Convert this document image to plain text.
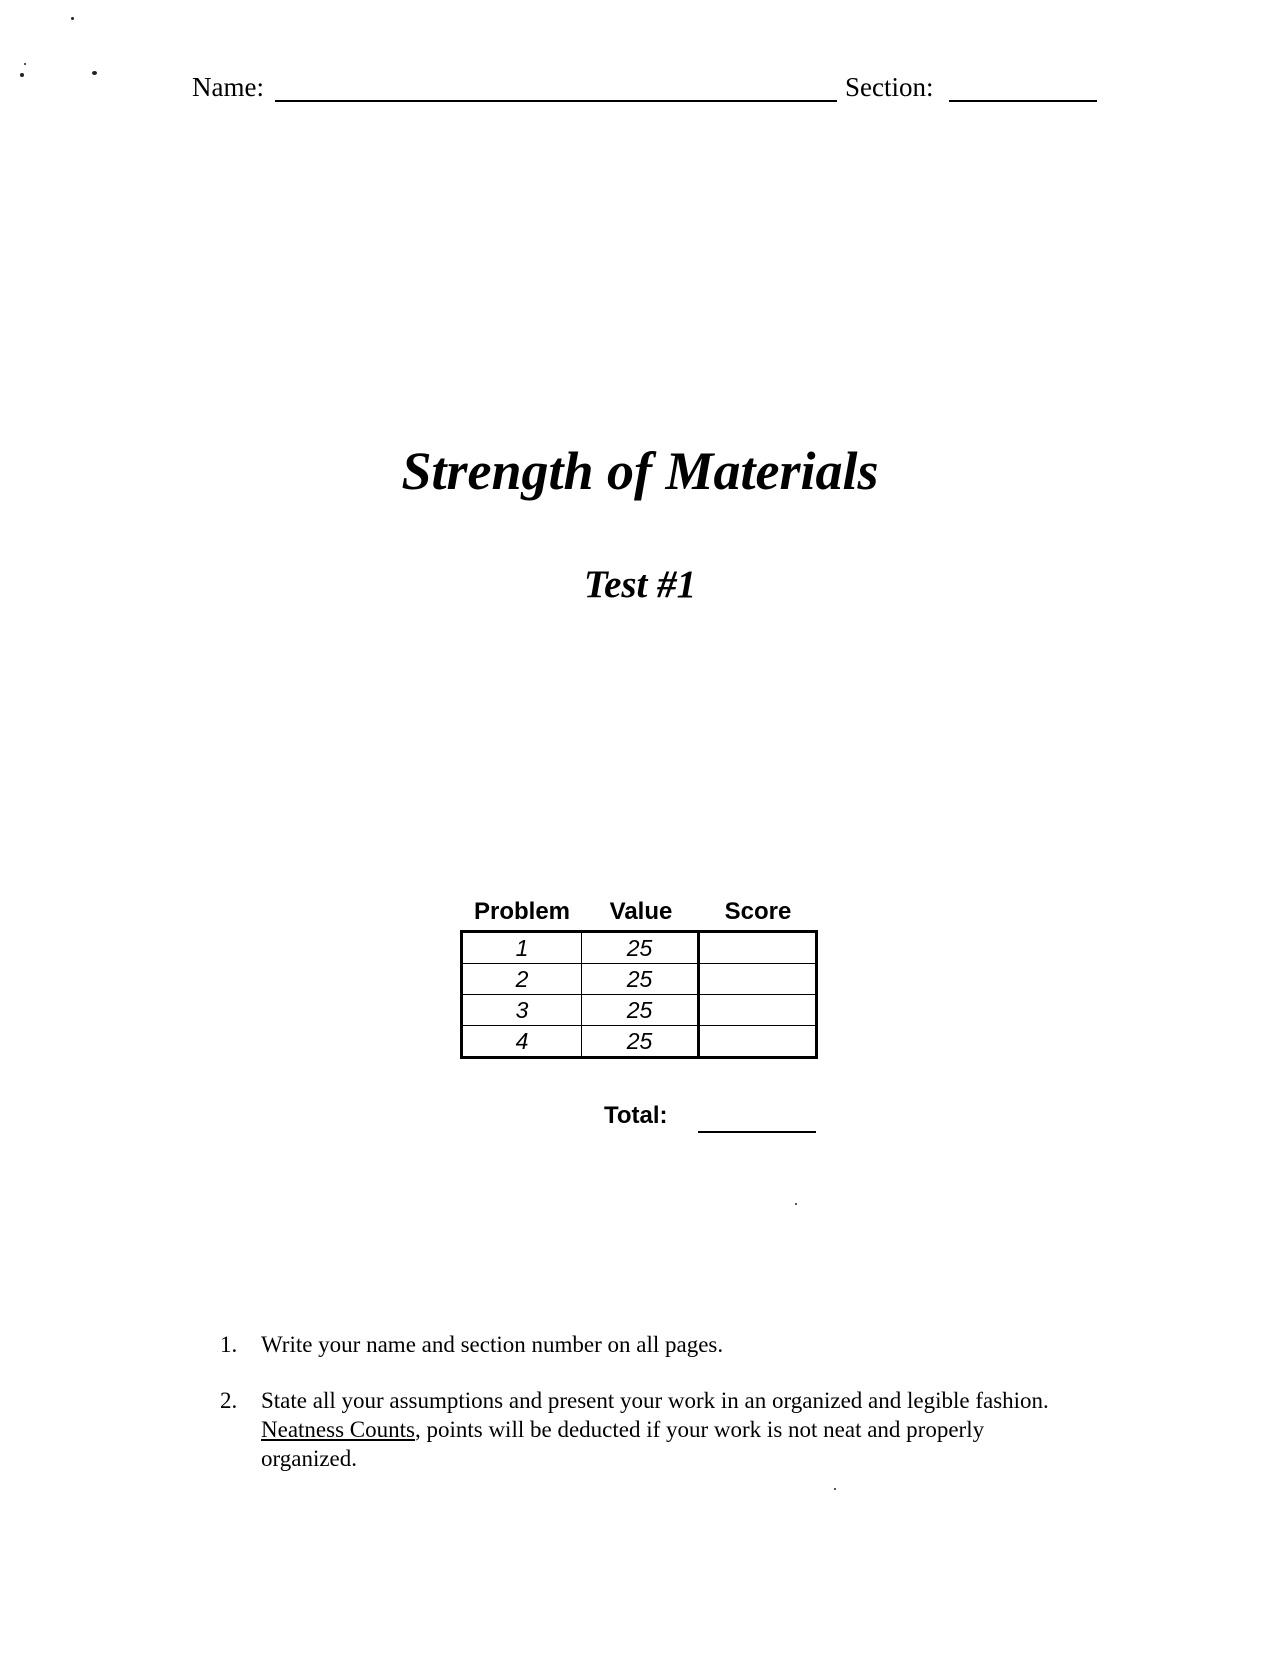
Name:	Section:
Strength of Materials
Test #1
Problem	Value	Score
1	25	
2	25	
3	25	
4	25	
Total:
1. Write your name and section number on all pages.
2. State all your assumptions and present your work in an organized and legible fashion. Neatness Counts, points will be deducted if your work is not neat and properly organized.
